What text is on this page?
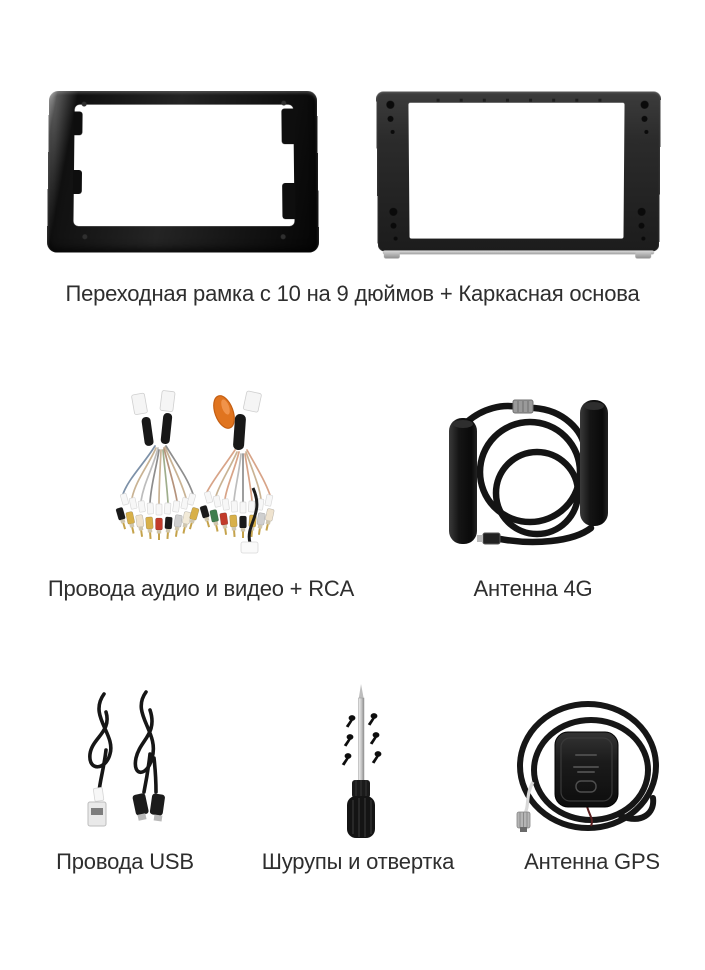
Переходная рамка с 10 на 9 дюймов + Каркасная основа
Провода аудио и видео + RCA	Антенна 4G
Провода USB	Шурупы и отвертка	Антенна GPS
